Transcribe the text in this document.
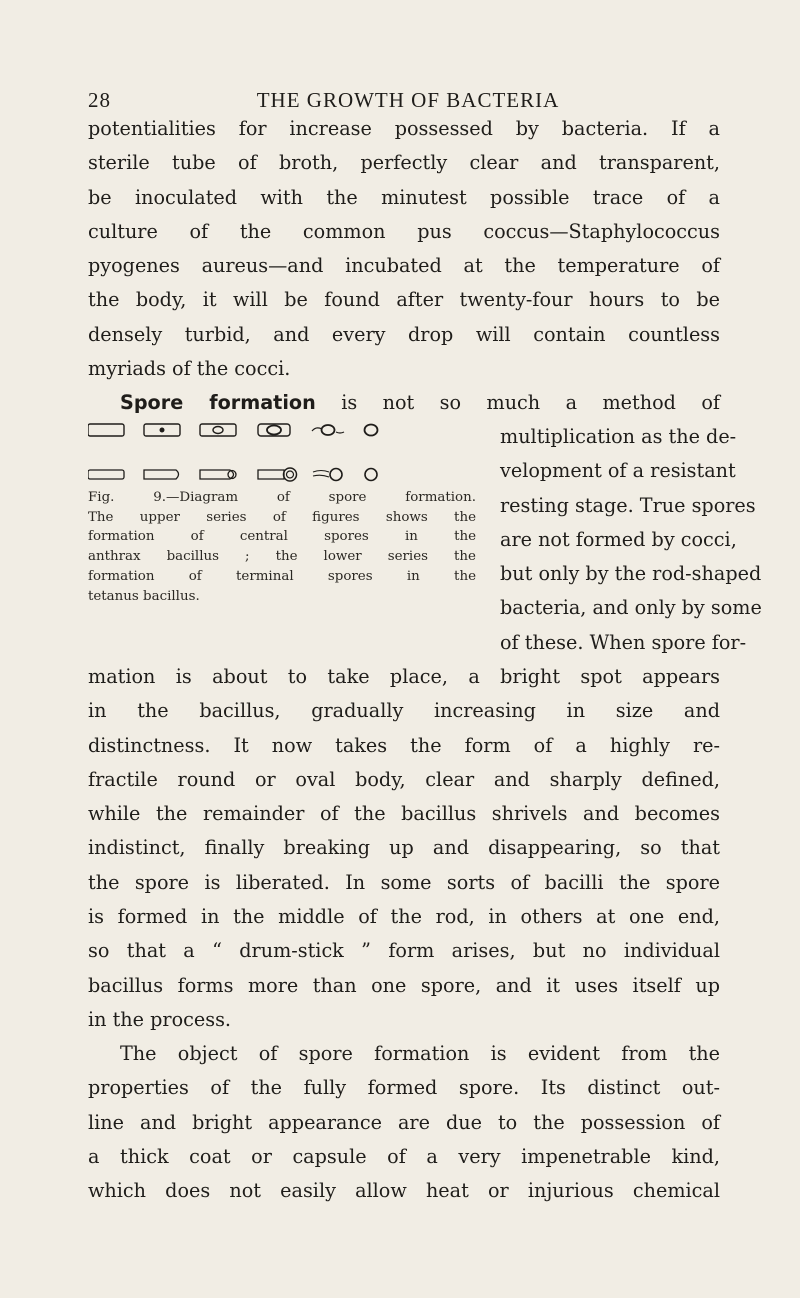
28	THE GROWTH OF BACTERIA
potentialities for increase possessed by bacteria. If a
sterile tube of broth, perfectly clear and transparent,
be inoculated with the minutest possible trace of a
culture of the common pus coccus—Staphylococcus
pyogenes aureus—and incubated at the temperature of
the body, it will be found after twenty-four hours to be
densely turbid, and every drop will contain countless
myriads of the cocci.
Spore formation is not so much a method of
Fig. 9.—Diagram of spore formation.
The upper series of figures shows the
formation of central spores in the
anthrax bacillus ; the lower series the
formation of terminal spores in the
tetanus bacillus.
multiplication as the de-
velopment of a resistant
resting stage. True spores
are not formed by cocci,
but only by the rod-shaped
bacteria, and only by some
of these. When spore for-
mation is about to take place, a bright spot appears
in the bacillus, gradually increasing in size and
distinctness. It now takes the form of a highly re-
fractile round or oval body, clear and sharply defined,
while the remainder of the bacillus shrivels and becomes
indistinct, finally breaking up and disappearing, so that
the spore is liberated. In some sorts of bacilli the spore
is formed in the middle of the rod, in others at one end,
so that a “ drum-stick ” form arises, but no individual
bacillus forms more than one spore, and it uses itself up
in the process.
The object of spore formation is evident from the
properties of the fully formed spore. Its distinct out-
line and bright appearance are due to the possession of
a thick coat or capsule of a very impenetrable kind,
which does not easily allow heat or injurious chemical
